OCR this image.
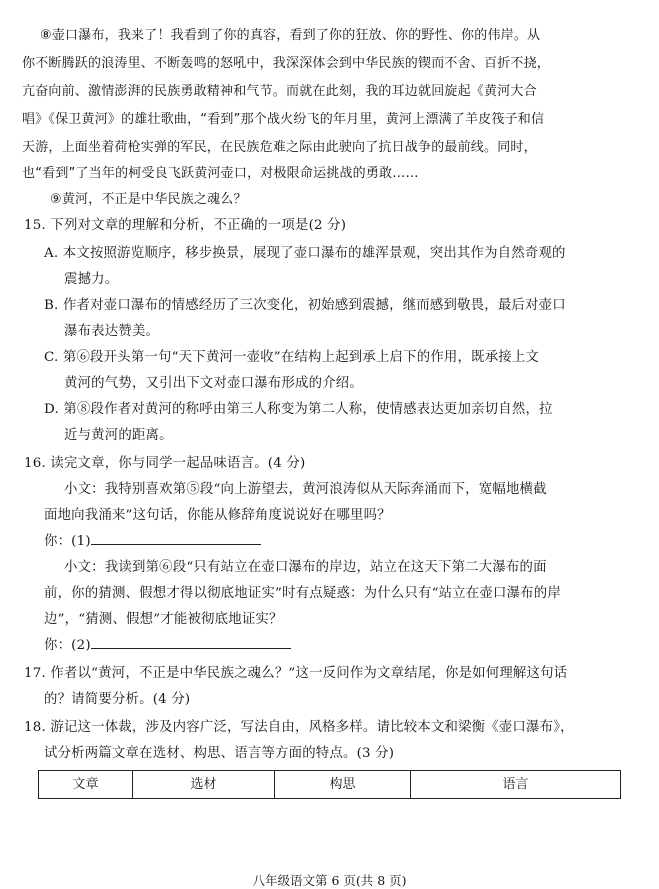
⑧壶口瀑布，我来了！我看到了你的真容，看到了你的狂放、你的野性、你的伟岸。从

你不断腾跃的浪涛里、不断轰鸣的怒吼中，我深深体会到中华民族的锲而不舍、百折不挠，

亢奋向前、激情澎湃的民族勇敢精神和气节。而就在此刻，我的耳边就回旋起《黄河大合

唱》《保卫黄河》的雄壮歌曲，“看到”那个战火纷飞的年月里，黄河上漂满了羊皮筏子和信

天游，上面坐着荷枪实弹的军民，在民族危难之际由此驶向了抗日战争的最前线。同时，

也“看到”了当年的柯受良飞跃黄河壶口，对极限命运挑战的勇敢……

⑨黄河，不正是中华民族之魂么？

15. 下列对文章的理解和分析，不正确的一项是(2 分)

A. 本文按照游览顺序，移步换景，展现了壶口瀑布的雄浑景观，突出其作为自然奇观的

震撼力。

B. 作者对壶口瀑布的情感经历了三次变化，初始感到震撼，继而感到敬畏，最后对壶口

瀑布表达赞美。

C. 第⑥段开头第一句“天下黄河一壶收”在结构上起到承上启下的作用，既承接上文

黄河的气势，又引出下文对壶口瀑布形成的介绍。

D. 第⑧段作者对黄河的称呼由第三人称变为第二人称，使情感表达更加亲切自然，拉

近与黄河的距离。

16. 读完文章，你与同学一起品味语言。(4 分)

小文：我特别喜欢第⑤段“向上游望去，黄河浪涛似从天际奔涌而下，宽幅地横截

面地向我涌来”这句话，你能从修辞角度说说好在哪里吗？

你：(1)

小文：我读到第⑥段“只有站立在壶口瀑布的岸边，站立在这天下第二大瀑布的面

前，你的猜测、假想才得以彻底地证实”时有点疑惑：为什么只有“站立在壶口瀑布的岸

边”，“猜测、假想”才能被彻底地证实？

你：(2)

17. 作者以“黄河，不正是中华民族之魂么？”这一反问作为文章结尾，你是如何理解这句话

的？请简要分析。(4 分)

18. 游记这一体裁，涉及内容广泛，写法自由，风格多样。请比较本文和梁衡《壶口瀑布》，

试分析两篇文章在选材、构思、语言等方面的特点。(3 分)

文章	选材	构思	语言

八年级语文第 6 页(共 8 页)
